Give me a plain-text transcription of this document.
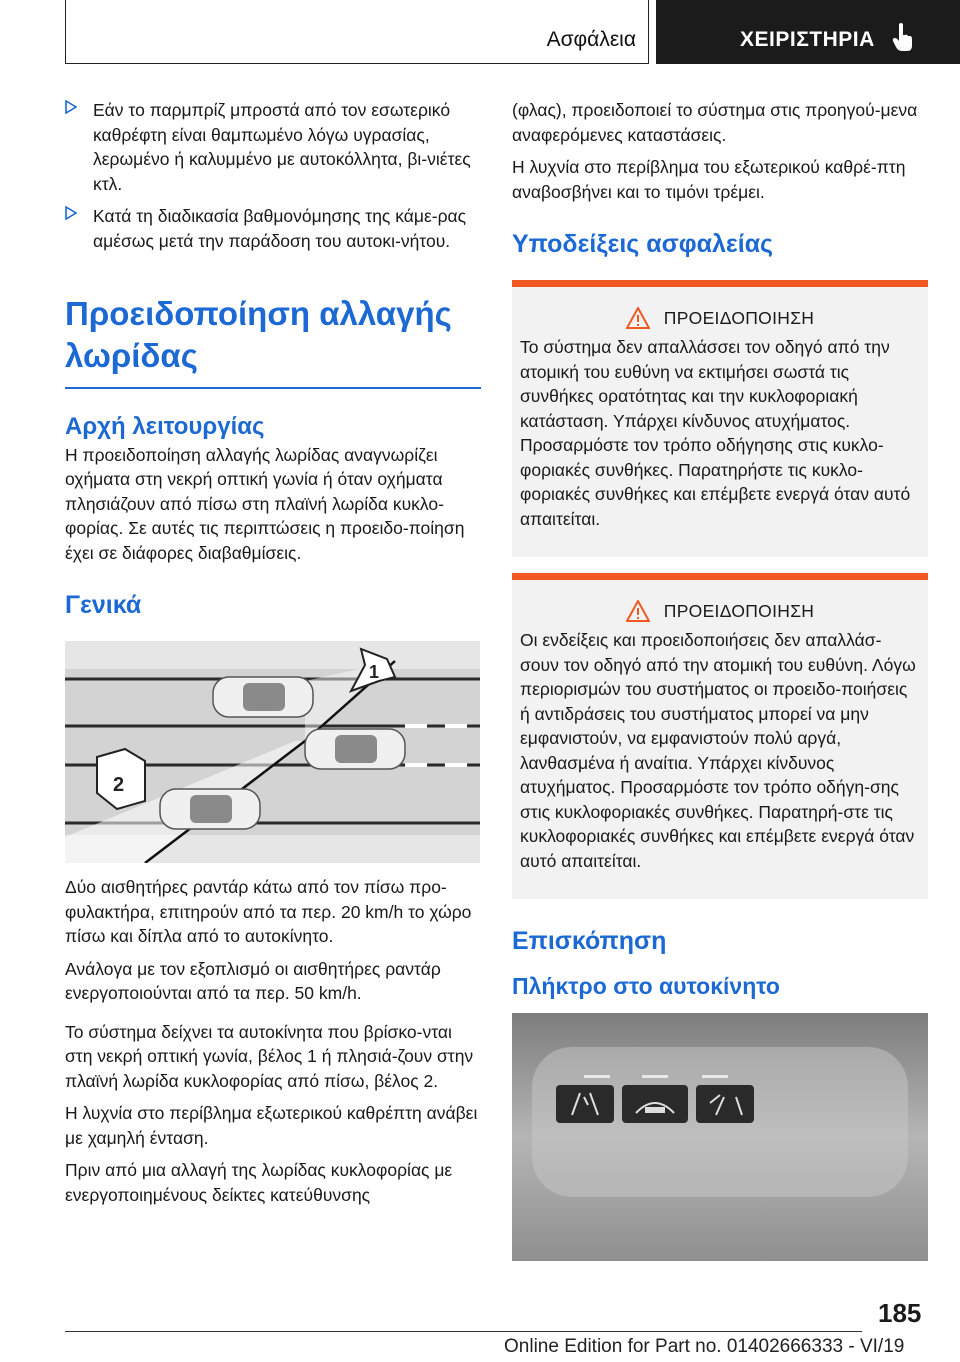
Ασφάλεια	ΧΕΙΡΙΣΤΗΡΙΑ

Εάν το παρμπρίζ μπροστά από τον εσωτερικό καθρέφτη είναι θαμπωμένο λόγω υγρασίας, λερωμένο ή καλυμμένο με αυτοκόλλητα, βι-νιέτες κτλ.

Κατά τη διαδικασία βαθμονόμησης της κάμε-ρας αμέσως μετά την παράδοση του αυτοκι-νήτου.

Προειδοποίηση αλλαγής λωρίδας
Αρχή λειτουργίας

Η προειδοποίηση αλλαγής λωρίδας αναγνωρίζει οχήματα στη νεκρή οπτική γωνία ή όταν οχήματα πλησιάζουν από πίσω στη πλαϊνή λωρίδα κυκλο-φορίας. Σε αυτές τις περιπτώσεις η προειδο-ποίηση έχει σε διάφορες διαβαθμίσεις.

Γενικά
1
2

Δύο αισθητήρες ραντάρ κάτω από τον πίσω προ-φυλακτήρα, επιτηρούν από τα περ. 20 km/h το χώρο πίσω και δίπλα από το αυτοκίνητο.

Ανάλογα με τον εξοπλισμό οι αισθητήρες ραντάρ ενεργοποιούνται από τα περ. 50 km/h.

Το σύστημα δείχνει τα αυτοκίνητα που βρίσκο-νται στη νεκρή οπτική γωνία, βέλος 1 ή πλησιά-ζουν στην πλαϊνή λωρίδα κυκλοφορίας από πίσω, βέλος 2.

Η λυχνία στο περίβλημα εξωτερικού καθρέπτη ανάβει με χαμηλή ένταση.

Πριν από μια αλλαγή της λωρίδας κυκλοφορίας με ενεργοποιημένους δείκτες κατεύθυνσης

(φλας), προειδοποιεί το σύστημα στις προηγού-μενα αναφερόμενες καταστάσεις.

Η λυχνία στο περίβλημα του εξωτερικού καθρέ-πτη αναβοσβήνει και το τιμόνι τρέμει.

Υποδείξεις ασφαλείας
ΠΡΟΕΙΔΟΠΟΙΗΣΗ

Το σύστημα δεν απαλλάσσει τον οδηγό από την ατομική του ευθύνη να εκτιμήσει σωστά τις συνθήκες ορατότητας και την κυκλοφοριακή κατάσταση. Υπάρχει κίνδυνος ατυχήματος. Προσαρμόστε τον τρόπο οδήγησης στις κυκλο-φοριακές συνθήκες. Παρατηρήστε τις κυκλο-φοριακές συνθήκες και επέμβετε ενεργά όταν αυτό απαιτείται.

ΠΡΟΕΙΔΟΠΟΙΗΣΗ

Οι ενδείξεις και προειδοποιήσεις δεν απαλλάσ-σουν τον οδηγό από την ατομική του ευθύνη. Λόγω περιορισμών του συστήματος οι προειδο-ποιήσεις ή αντιδράσεις του συστήματος μπορεί να μην εμφανιστούν, να εμφανιστούν πολύ αργά, λανθασμένα ή αναίτια. Υπάρχει κίνδυνος ατυχήματος. Προσαρμόστε τον τρόπο οδήγη-σης στις κυκλοφοριακές συνθήκες. Παρατηρή-στε τις κυκλοφοριακές συνθήκες και επέμβετε ενεργά όταν αυτό απαιτείται.

Επισκόπηση
Πλήκτρο στο αυτοκίνητο
185
Online Edition for Part no. 01402666333 - VI/19
